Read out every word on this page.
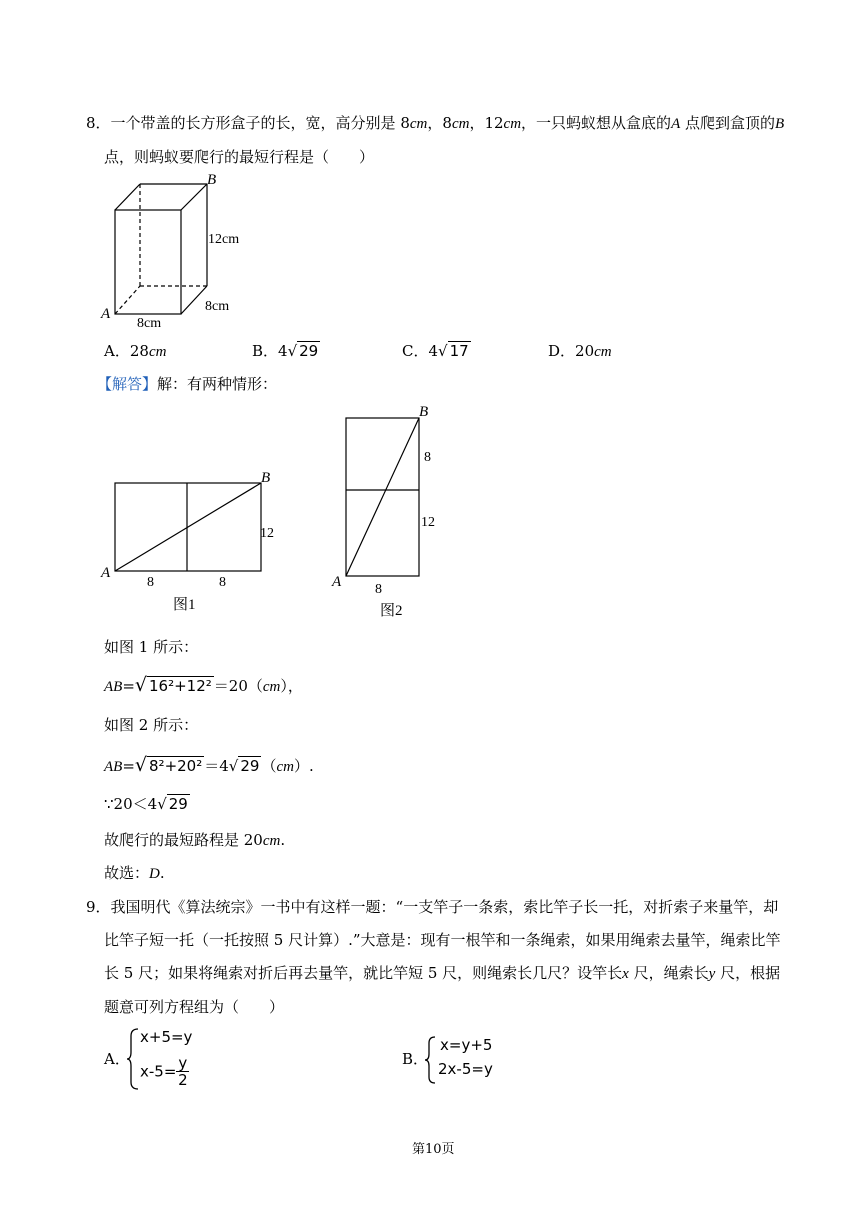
8．一个带盖的长方形盒子的长，宽，高分别是 8cm，8cm，12cm，一只蚂蚁想从盒底的A 点爬到盒顶的B
点，则蚂蚁要爬行的最短行程是（　　）
B
A
12cm
8cm
8cm
A．28cm	B．4√ 29	C．4√ 17	D．20cm
【解答】解：有两种情形：
B
A
12
8	8
图1
B
A
8
12
8
图2
如图 1 所示：
AB=√ 16²+12² ＝20（cm），
如图 2 所示：
AB=√ 8²+20² ＝4√ 29 （cm）.
∵20＜4√ 29
故爬行的最短路程是 20cm.
故选：D.
9．我国明代《算法统宗》一书中有这样一题：“一支竿子一条索，索比竿子长一托，对折索子来量竿，却
比竿子短一托（一托按照 5 尺计算）.”大意是：现有一根竿和一条绳索，如果用绳索去量竿，绳索比竿
长 5 尺；如果将绳索对折后再去量竿，就比竿短 5 尺，则绳索长几尺？设竿长x 尺，绳索长y 尺，根据
题意可列方程组为（　　）
A．
x+5=y
$x-5= \frac{y}{2}$	B．
x=y+5
2x-5=y
第10页
